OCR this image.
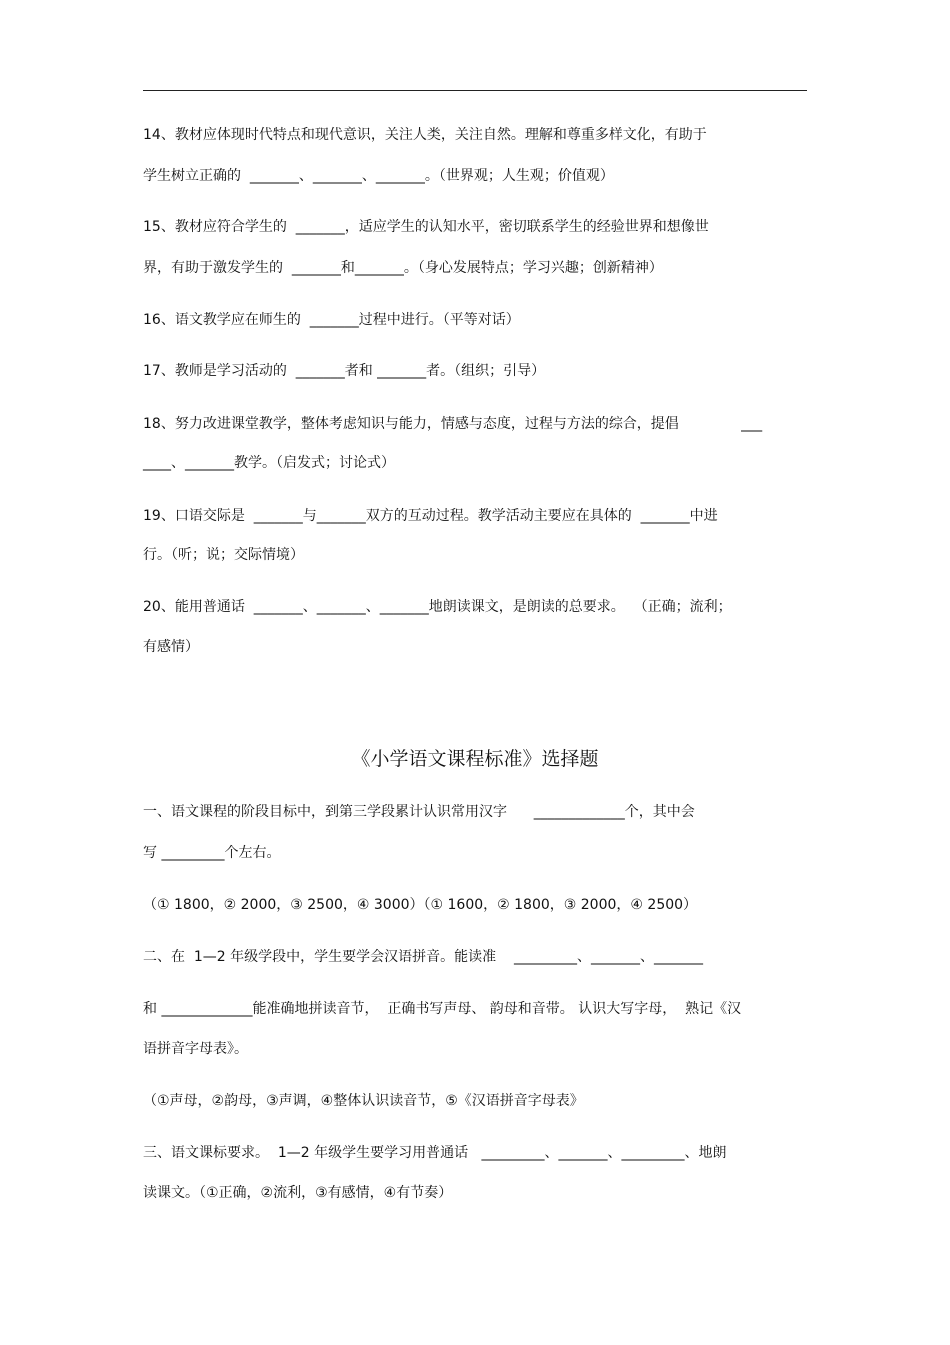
14、教材应体现时代特点和现代意识，关注人类，关注自然。理解和尊重多样文化，有助于
学生树立正确的  _______、_______、_______。（世界观；人生观；价值观）
15、教材应符合学生的  _______，适应学生的认知水平，密切联系学生的经验世界和想像世
界，有助于激发学生的  _______和_______。（身心发展特点；学习兴趣；创新精神）
16、语文教学应在师生的  _______过程中进行。（平等对话）
17、教师是学习活动的  _______者和 _______者。（组织；引导）
18、努力改进课堂教学，整体考虑知识与能力，情感与态度，过程与方法的综合，提倡              ___
____、_______教学。（启发式；讨论式）
19、口语交际是  _______与_______双方的互动过程。教学活动主要应在具体的  _______中进
行。（听；说；交际情境）
20、能用普通话  _______、_______、_______地朗读课文，是朗读的总要求。  （正确；流利；
有感情）
《小学语文课程标准》选择题
一、语文课程的阶段目标中，到第三学段累计认识常用汉字      _____________个，其中会
写 _________个左右。
（① 1800，② 2000，③ 2500，④ 3000）（① 1600，② 1800，③ 2000，④ 2500）
二、在  1—2 年级学段中，学生要学会汉语拼音。能读准    _________、_______、_______
和 _____________能准确地拼读音节，  正确书写声母、 韵母和音带。 认识大写字母，  熟记《汉
语拼音字母表》。
（①声母，②韵母，③声调，④整体认识读音节，⑤《汉语拼音字母表》
三、语文课标要求。  1—2 年级学生要学习用普通话   _________、_______、_________、地朗
读课文。（①正确，②流利，③有感情，④有节奏）
